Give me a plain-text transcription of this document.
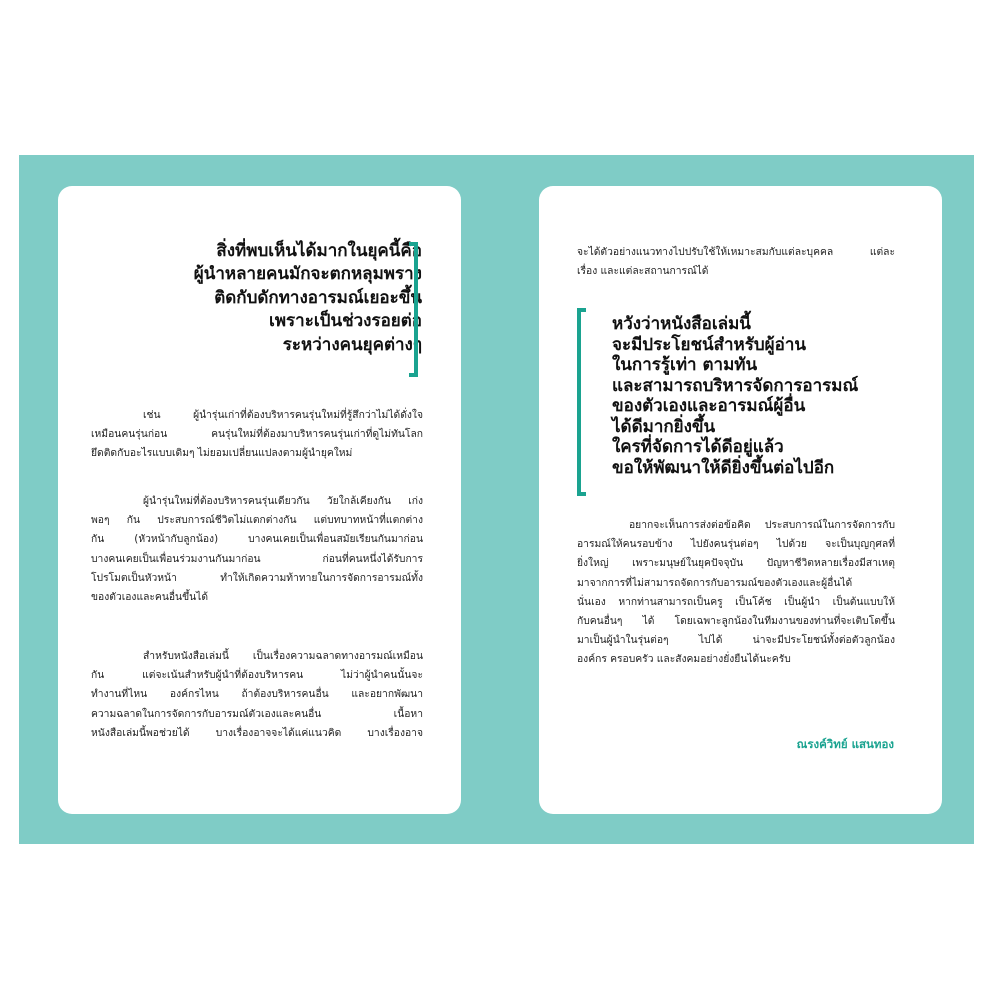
สิ่งที่พบเห็นได้มากในยุคนี้คือ
ผู้นำหลายคนมักจะตกหลุมพราง
ติดกับดักทางอารมณ์เยอะขึ้น
เพราะเป็นช่วงรอยต่อ
ระหว่างคนยุคต่างๆ
เช่น ผู้นำรุ่นเก่าที่ต้องบริหารคนรุ่นใหม่ที่รู้สึกว่าไม่ได้ดั่งใจ
เหมือนคนรุ่นก่อน คนรุ่นใหม่ที่ต้องมาบริหารคนรุ่นเก่าที่ดูไม่ทันโลก
ยึดติดกับอะไรแบบเดิมๆ ไม่ยอมเปลี่ยนแปลงตามผู้นำยุคใหม่
ผู้นำรุ่นใหม่ที่ต้องบริหารคนรุ่นเดียวกัน วัยใกล้เคียงกัน เก่ง
พอๆ กัน ประสบการณ์ชีวิตไม่แตกต่างกัน แต่บทบาทหน้าที่แตกต่าง
กัน (หัวหน้ากับลูกน้อง) บางคนเคยเป็นเพื่อนสมัยเรียนกันมาก่อน
บางคนเคยเป็นเพื่อนร่วมงานกันมาก่อน ก่อนที่คนหนึ่งได้รับการ
โปรโมตเป็นหัวหน้า ทำให้เกิดความท้าทายในการจัดการอารมณ์ทั้ง
ของตัวเองและคนอื่นขึ้นได้
สำหรับหนังสือเล่มนี้ เป็นเรื่องความฉลาดทางอารมณ์เหมือน
กัน แต่จะเน้นสำหรับผู้นำที่ต้องบริหารคน ไม่ว่าผู้นำคนนั้นจะ
ทำงานที่ไหน องค์กรไหน ถ้าต้องบริหารคนอื่น และอยากพัฒนา
ความฉลาดในการจัดการกับอารมณ์ตัวเองและคนอื่น เนื้อหา
หนังสือเล่มนี้พอช่วยได้ บางเรื่องอาจจะได้แค่แนวคิด บางเรื่องอาจ
จะได้ตัวอย่างแนวทางไปปรับใช้ให้เหมาะสมกับแต่ละบุคคล แต่ละ
เรื่อง และแต่ละสถานการณ์ได้
หวังว่าหนังสือเล่มนี้
จะมีประโยชน์สำหรับผู้อ่าน
ในการรู้เท่า ตามทัน
และสามารถบริหารจัดการอารมณ์
ของตัวเองและอารมณ์ผู้อื่น
ได้ดีมากยิ่งขึ้น
ใครที่จัดการได้ดีอยู่แล้ว
ขอให้พัฒนาให้ดียิ่งขึ้นต่อไปอีก
อยากจะเห็นการส่งต่อข้อคิด ประสบการณ์ในการจัดการกับ
อารมณ์ให้คนรอบข้าง ไปยังคนรุ่นต่อๆ ไปด้วย จะเป็นบุญกุศลที่
ยิ่งใหญ่ เพราะมนุษย์ในยุคปัจจุบัน ปัญหาชีวิตหลายเรื่องมีสาเหตุ
มาจากการที่ไม่สามารถจัดการกับอารมณ์ของตัวเองและผู้อื่นได้
นั่นเอง หากท่านสามารถเป็นครู เป็นโค้ช เป็นผู้นำ เป็นต้นแบบให้
กับคนอื่นๆ ได้ โดยเฉพาะลูกน้องในทีมงานของท่านที่จะเติบโตขึ้น
มาเป็นผู้นำในรุ่นต่อๆ ไปได้ น่าจะมีประโยชน์ทั้งต่อตัวลูกน้อง
องค์กร ครอบครัว และสังคมอย่างยั่งยืนได้นะครับ
ณรงค์วิทย์ แสนทอง
